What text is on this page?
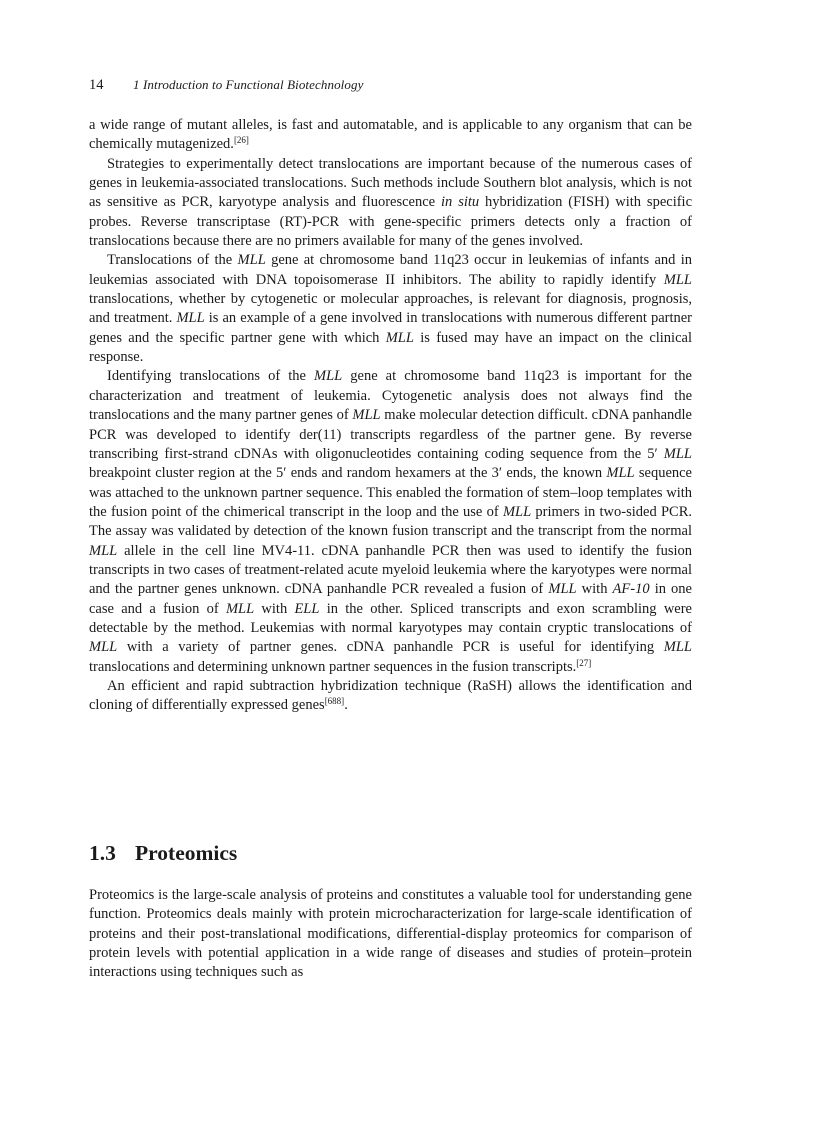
14 1 Introduction to Functional Biotechnology

a wide range of mutant alleles, is fast and automatable, and is applicable to any organism that can be chemically mutagenized.[26]

Strategies to experimentally detect translocations are important because of the numerous cases of genes in leukemia-associated translocations. Such methods include Southern blot analysis, which is not as sensitive as PCR, karyotype analysis and fluorescence in situ hybridization (FISH) with specific probes. Reverse transcriptase (RT)-PCR with gene-specific primers detects only a fraction of translocations because there are no primers available for many of the genes involved.

Translocations of the MLL gene at chromosome band 11q23 occur in leukemias of infants and in leukemias associated with DNA topoisomerase II inhibitors. The ability to rapidly identify MLL translocations, whether by cytogenetic or molecular approaches, is relevant for diagnosis, prognosis, and treatment. MLL is an example of a gene involved in translocations with numerous different partner genes and the specific partner gene with which MLL is fused may have an impact on the clinical response.

Identifying translocations of the MLL gene at chromosome band 11q23 is important for the characterization and treatment of leukemia. Cytogenetic analysis does not always find the translocations and the many partner genes of MLL make molecular detection difficult. cDNA panhandle PCR was developed to identify der(11) transcripts regardless of the partner gene. By reverse transcribing first-strand cDNAs with oligonucleotides containing coding sequence from the 5′ MLL breakpoint cluster region at the 5′ ends and random hexamers at the 3′ ends, the known MLL sequence was attached to the unknown partner sequence. This enabled the formation of stem–loop templates with the fusion point of the chimerical transcript in the loop and the use of MLL primers in two-sided PCR. The assay was validated by detection of the known fusion transcript and the transcript from the normal MLL allele in the cell line MV4-11. cDNA panhandle PCR then was used to identify the fusion transcripts in two cases of treatment-related acute myeloid leukemia where the karyotypes were normal and the partner genes unknown. cDNA panhandle PCR revealed a fusion of MLL with AF-10 in one case and a fusion of MLL with ELL in the other. Spliced transcripts and exon scrambling were detectable by the method. Leukemias with normal karyotypes may contain cryptic translocations of MLL with a variety of partner genes. cDNA panhandle PCR is useful for identifying MLL translocations and determining unknown partner sequences in the fusion transcripts.[27]

An efficient and rapid subtraction hybridization technique (RaSH) allows the identification and cloning of differentially expressed genes[688].

1.3 Proteomics

Proteomics is the large-scale analysis of proteins and constitutes a valuable tool for understanding gene function. Proteomics deals mainly with protein microcharacterization for large-scale identification of proteins and their post-translational modifications, differential-display proteomics for comparison of protein levels with potential application in a wide range of diseases and studies of protein–protein interactions using techniques such as
